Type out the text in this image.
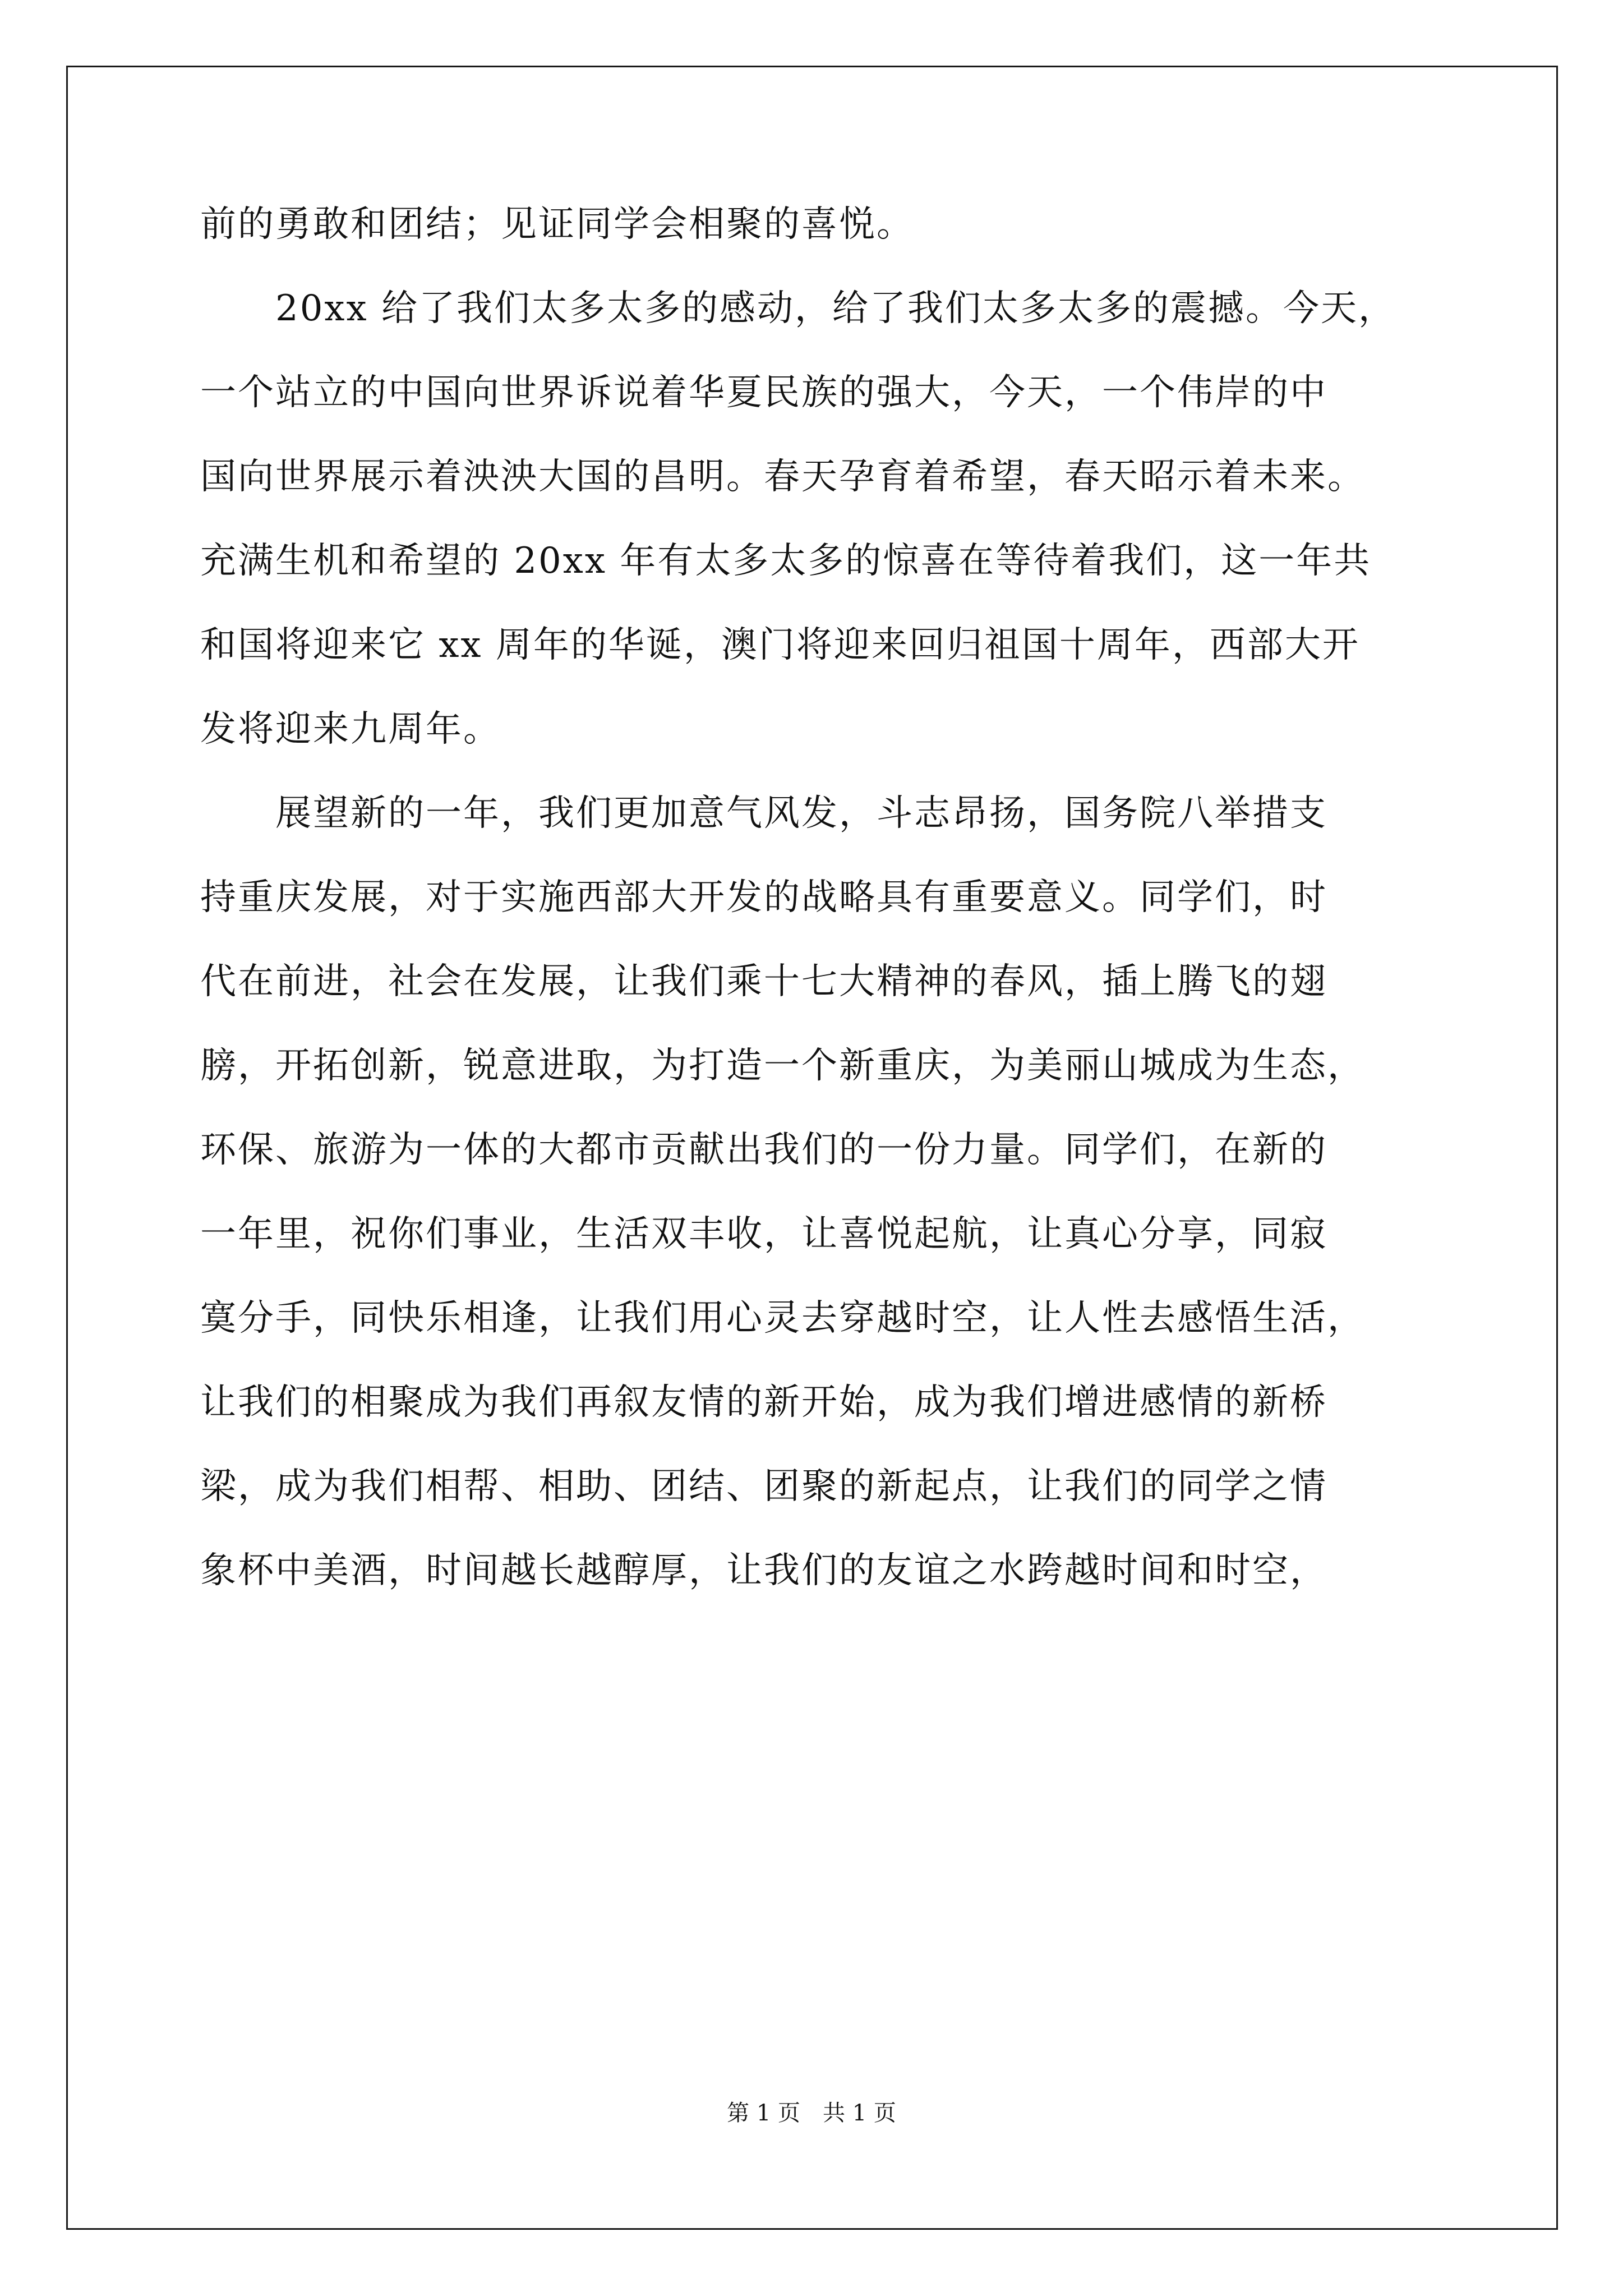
前的勇敢和团结；见证同学会相聚的喜悦。
　　20xx 给了我们太多太多的感动，给了我们太多太多的震撼。今天，
一个站立的中国向世界诉说着华夏民族的强大，今天，一个伟岸的中
国向世界展示着泱泱大国的昌明。春天孕育着希望，春天昭示着未来。
充满生机和希望的 20xx 年有太多太多的惊喜在等待着我们，这一年共
和国将迎来它 xx 周年的华诞，澳门将迎来回归祖国十周年，西部大开
发将迎来九周年。
　　展望新的一年，我们更加意气风发，斗志昂扬，国务院八举措支
持重庆发展，对于实施西部大开发的战略具有重要意义。同学们，时
代在前进，社会在发展，让我们乘十七大精神的春风，插上腾飞的翅
膀，开拓创新，锐意进取，为打造一个新重庆，为美丽山城成为生态，
环保、旅游为一体的大都市贡献出我们的一份力量。同学们，在新的
一年里，祝你们事业，生活双丰收，让喜悦起航，让真心分享，同寂
寞分手，同快乐相逢，让我们用心灵去穿越时空，让人性去感悟生活，
让我们的相聚成为我们再叙友情的新开始，成为我们增进感情的新桥
梁，成为我们相帮、相助、团结、团聚的新起点，让我们的同学之情
象杯中美酒，时间越长越醇厚，让我们的友谊之水跨越时间和时空，
第 1 页　共 1 页
